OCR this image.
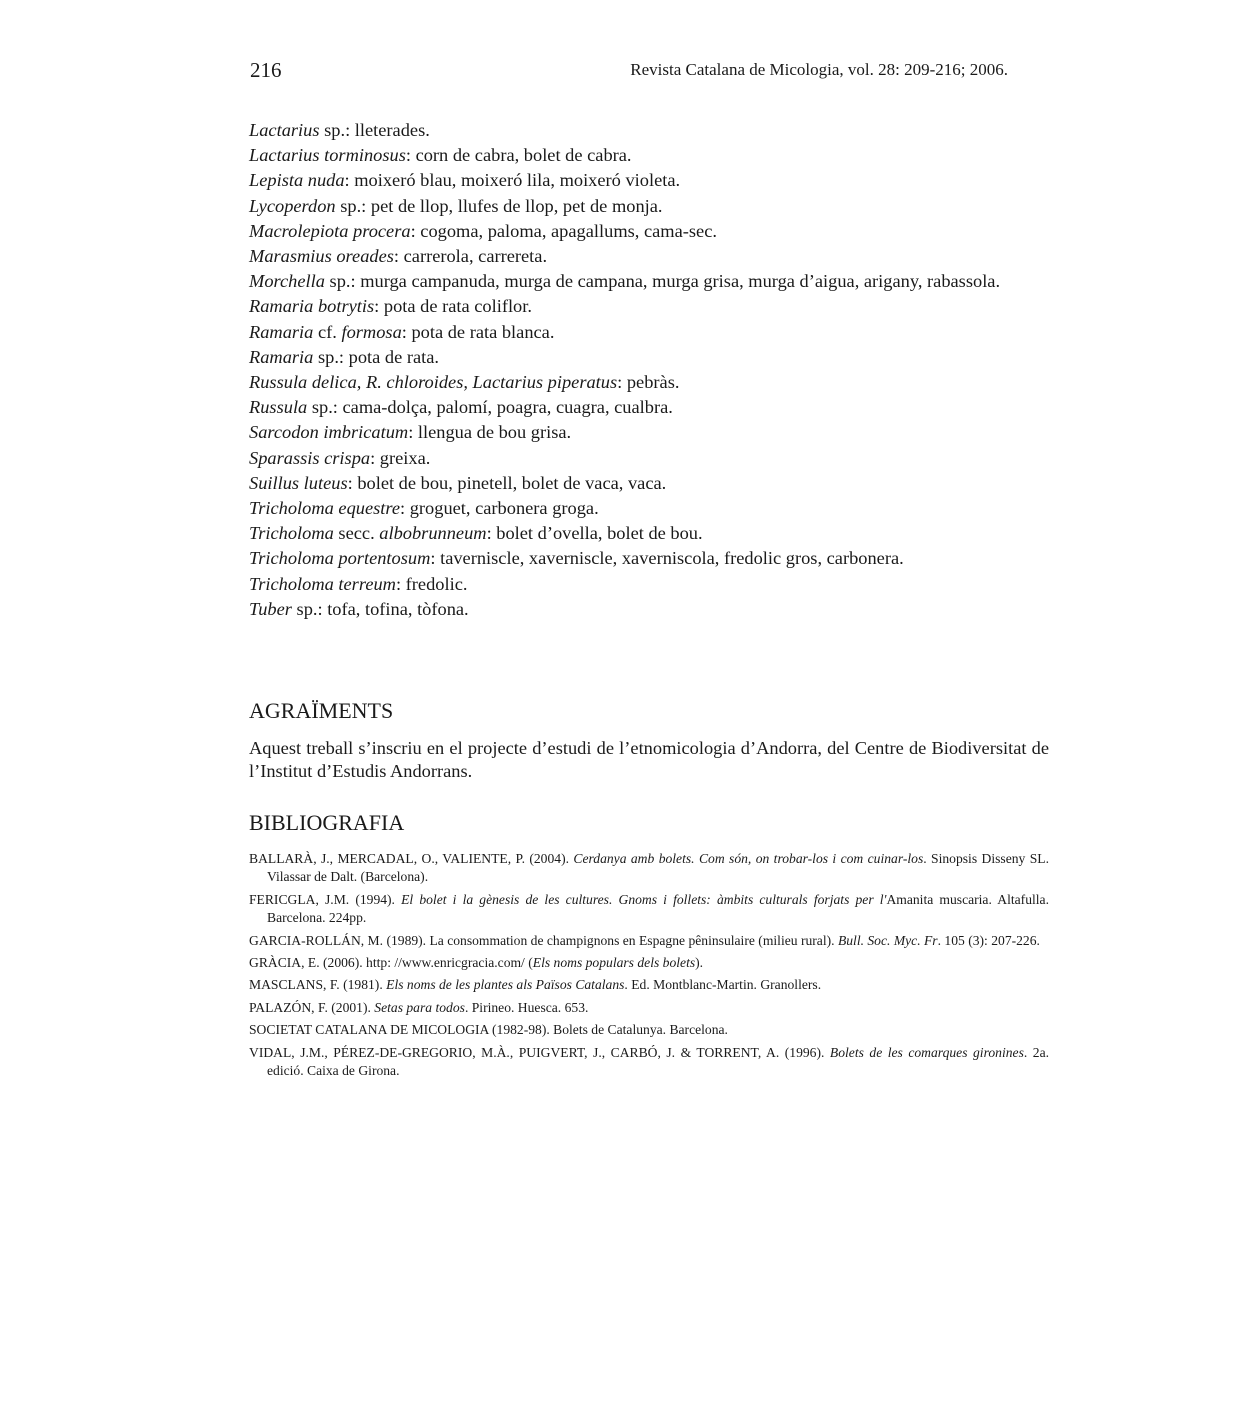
216	Revista Catalana de Micologia, vol. 28: 209-216; 2006.

Lactarius sp.: lleterades.

Lactarius torminosus: corn de cabra, bolet de cabra.

Lepista nuda: moixeró blau, moixeró lila, moixeró violeta.

Lycoperdon sp.: pet de llop, llufes de llop, pet de monja.

Macrolepiota procera: cogoma, paloma, apagallums, cama-sec.

Marasmius oreades: carrerola, carrereta.

Morchella sp.: murga campanuda, murga de campana, murga grisa, murga d’aigua, arigany, rabassola.

Ramaria botrytis: pota de rata coliflor.

Ramaria cf. formosa: pota de rata blanca.

Ramaria sp.: pota de rata.

Russula delica, R. chloroides, Lactarius piperatus: pebràs.

Russula sp.: cama-dolça, palomí, poagra, cuagra, cualbra.

Sarcodon imbricatum: llengua de bou grisa.

Sparassis crispa: greixa.

Suillus luteus: bolet de bou, pinetell, bolet de vaca, vaca.

Tricholoma equestre: groguet, carbonera groga.

Tricholoma secc. albobrunneum: bolet d’ovella, bolet de bou.

Tricholoma portentosum: taverniscle, xaverniscle, xaverniscola, fredolic gros, carbonera.

Tricholoma terreum: fredolic.

Tuber sp.: tofa, tofina, tòfona.

AGRAÏMENTS

Aquest treball s’inscriu en el projecte d’estudi de l’etnomicologia d’Andorra, del Centre de Biodiversitat de l’Institut d’Estudis Andorrans.

BIBLIOGRAFIA

BALLARÀ, J., MERCADAL, O., VALIENTE, P. (2004). Cerdanya amb bolets. Com són, on trobar-los i com cuinar-los. Sinopsis Disseny SL. Vilassar de Dalt. (Barcelona).

FERICGLA, J.M. (1994). El bolet i la gènesis de les cultures. Gnoms i follets: àmbits culturals forjats per l'Amanita muscaria. Altafulla. Barcelona. 224pp.

GARCIA-ROLLÁN, M. (1989). La consommation de champignons en Espagne pêninsulaire (milieu rural). Bull. Soc. Myc. Fr. 105 (3): 207-226.

GRÀCIA, E. (2006). http: //www.enricgracia.com/ (Els noms populars dels bolets).

MASCLANS, F. (1981). Els noms de les plantes als Països Catalans. Ed. Montblanc-Martin. Granollers.

PALAZÓN, F. (2001). Setas para todos. Pirineo. Huesca. 653.

SOCIETAT CATALANA DE MICOLOGIA (1982-98). Bolets de Catalunya. Barcelona.

VIDAL, J.M., PÉREZ-DE-GREGORIO, M.À., PUIGVERT, J., CARBÓ, J. & TORRENT, A. (1996). Bolets de les comarques gironines. 2a. edició. Caixa de Girona.
